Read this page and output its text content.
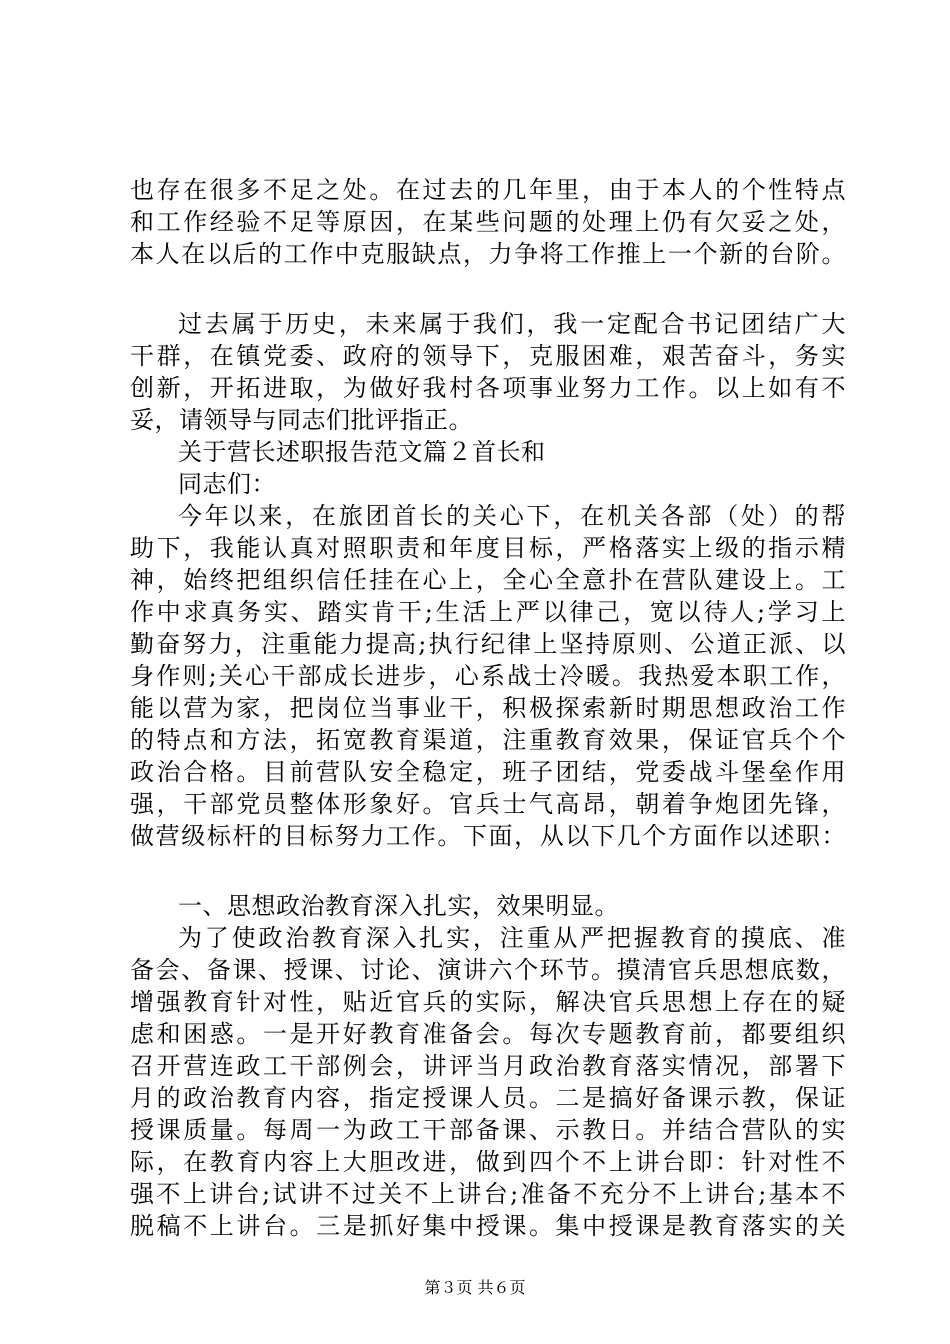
也存在很多不足之处。在过去的几年里，由于本人的个性特点
和工作经验不足等原因，在某些问题的处理上仍有欠妥之处，
本人在以后的工作中克服缺点，力争将工作推上一个新的台阶。
过去属于历史，未来属于我们，我一定配合书记团结广大
干群，在镇党委、政府的领导下，克服困难，艰苦奋斗，务实
创新，开拓进取，为做好我村各项事业努力工作。以上如有不
妥，请领导与同志们批评指正。
关于营长述职报告范文篇２首长和
同志们：
今年以来，在旅团首长的关心下，在机关各部（处）的帮
助下，我能认真对照职责和年度目标，严格落实上级的指示精
神，始终把组织信任挂在心上，全心全意扑在营队建设上。工
作中求真务实、踏实肯干;生活上严以律己，宽以待人;学习上
勤奋努力，注重能力提高;执行纪律上坚持原则、公道正派、以
身作则;关心干部成长进步，心系战士冷暖。我热爱本职工作，
能以营为家，把岗位当事业干，积极探索新时期思想政治工作
的特点和方法，拓宽教育渠道，注重教育效果，保证官兵个个
政治合格。目前营队安全稳定，班子团结，党委战斗堡垒作用
强，干部党员整体形象好。官兵士气高昂，朝着争炮团先锋，
做营级标杆的目标努力工作。下面，从以下几个方面作以述职：
一、思想政治教育深入扎实，效果明显。
为了使政治教育深入扎实，注重从严把握教育的摸底、准
备会、备课、授课、讨论、演讲六个环节。摸清官兵思想底数，
增强教育针对性，贴近官兵的实际，解决官兵思想上存在的疑
虑和困惑。一是开好教育准备会。每次专题教育前，都要组织
召开营连政工干部例会，讲评当月政治教育落实情况，部署下
月的政治教育内容，指定授课人员。二是搞好备课示教，保证
授课质量。每周一为政工干部备课、示教日。并结合营队的实
际，在教育内容上大胆改进，做到四个不上讲台即：针对性不
强不上讲台;试讲不过关不上讲台;准备不充分不上讲台;基本不
脱稿不上讲台。三是抓好集中授课。集中授课是教育落实的关
第３页 共６页
